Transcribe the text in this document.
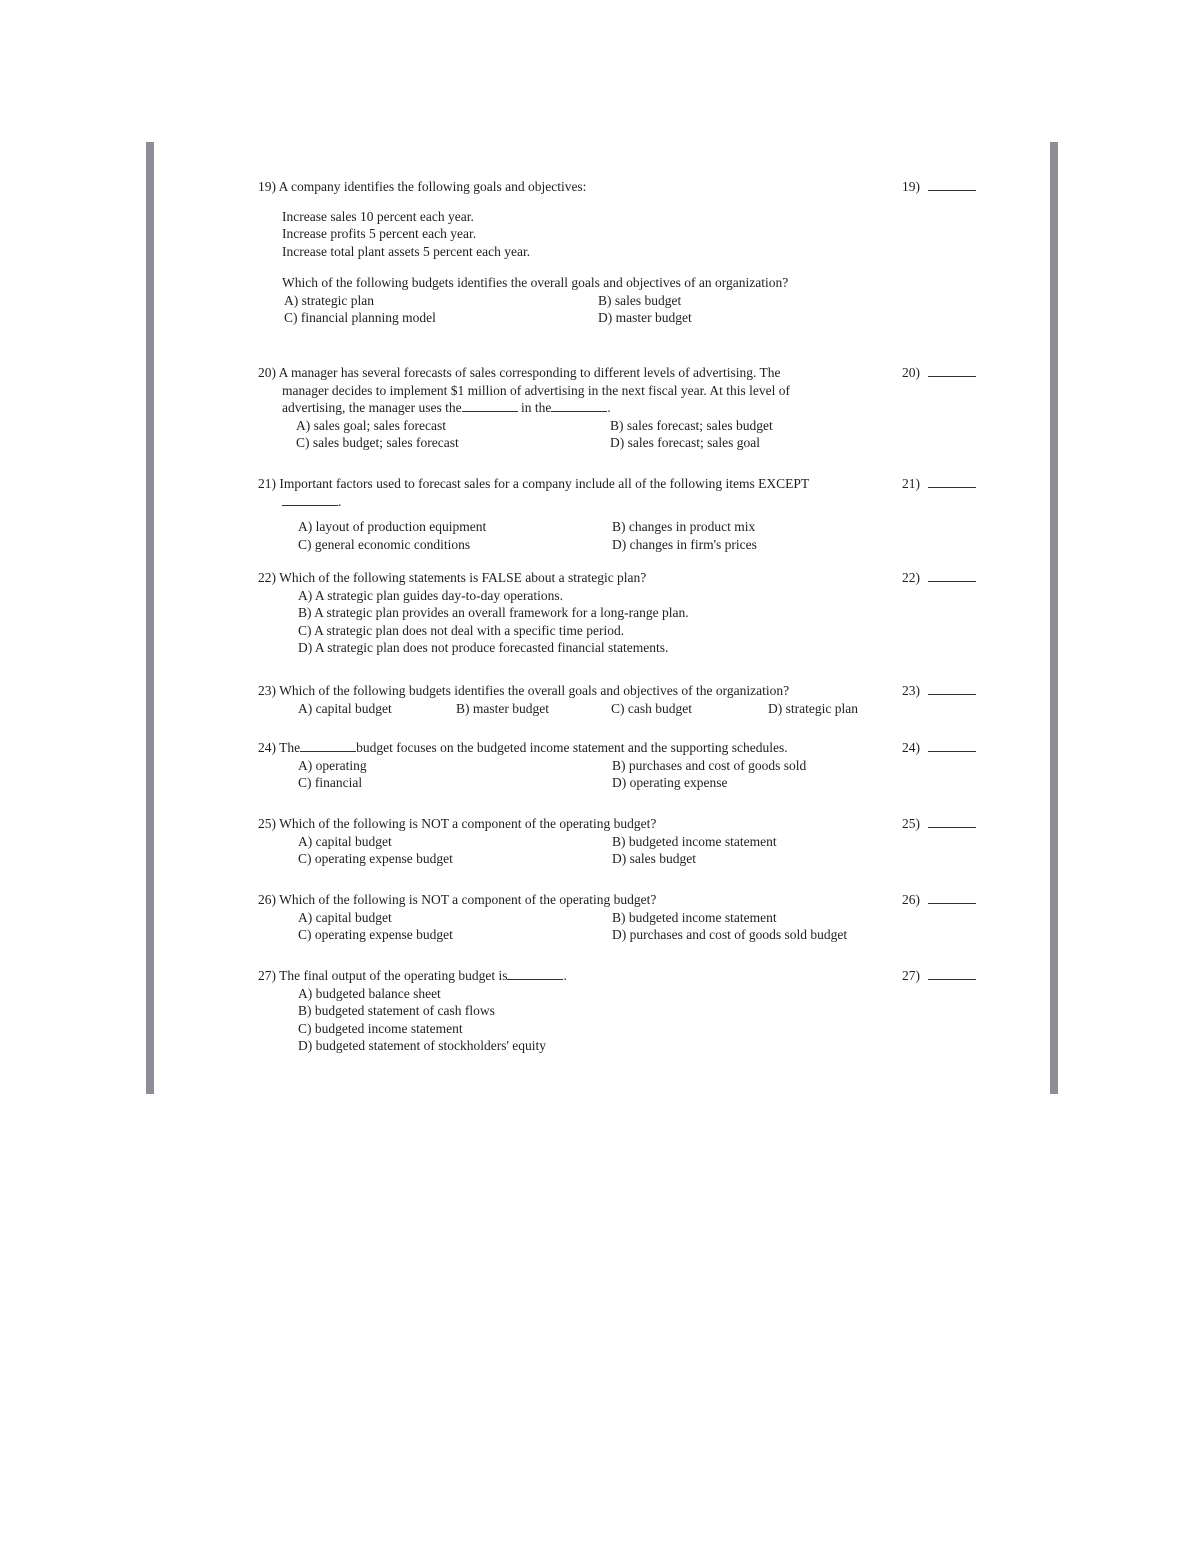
19) A company identifies the following goals and objectives:
Increase sales 10 percent each year.
Increase profits 5 percent each year.
Increase total plant assets 5 percent each year.
Which of the following budgets identifies the overall goals and objectives of an organization?
A) strategic plan	B) sales budget
C) financial planning model	D) master budget
19)
20) A manager has several forecasts of sales corresponding to different levels of advertising. The
manager decides to implement $1 million of advertising in the next fiscal year. At this level of
advertising, the manager uses the	in the	.
A) sales goal; sales forecast	B) sales forecast; sales budget
C) sales budget; sales forecast	D) sales forecast; sales goal
20)
21) Important factors used to forecast sales for a company include all of the following items EXCEPT
.
A) layout of production equipment	B) changes in product mix
C) general economic conditions	D) changes in firm's prices
21)
22) Which of the following statements is FALSE about a strategic plan?
A) A strategic plan guides day-to-day operations.
B) A strategic plan provides an overall framework for a long-range plan.
C) A strategic plan does not deal with a specific time period.
D) A strategic plan does not produce forecasted financial statements.
22)
23) Which of the following budgets identifies the overall goals and objectives of the organization?
A) capital budget	B) master budget	C) cash budget	D) strategic plan
23)
24) The	budget focuses on the budgeted income statement and the supporting schedules.
A) operating	B) purchases and cost of goods sold
C) financial	D) operating expense
24)
25) Which of the following is NOT a component of the operating budget?
A) capital budget	B) budgeted income statement
C) operating expense budget	D) sales budget
25)
26) Which of the following is NOT a component of the operating budget?
A) capital budget	B) budgeted income statement
C) operating expense budget	D) purchases and cost of goods sold budget
26)
27) The final output of the operating budget is	.
A) budgeted balance sheet
B) budgeted statement of cash flows
C) budgeted income statement
D) budgeted statement of stockholders' equity
27)
